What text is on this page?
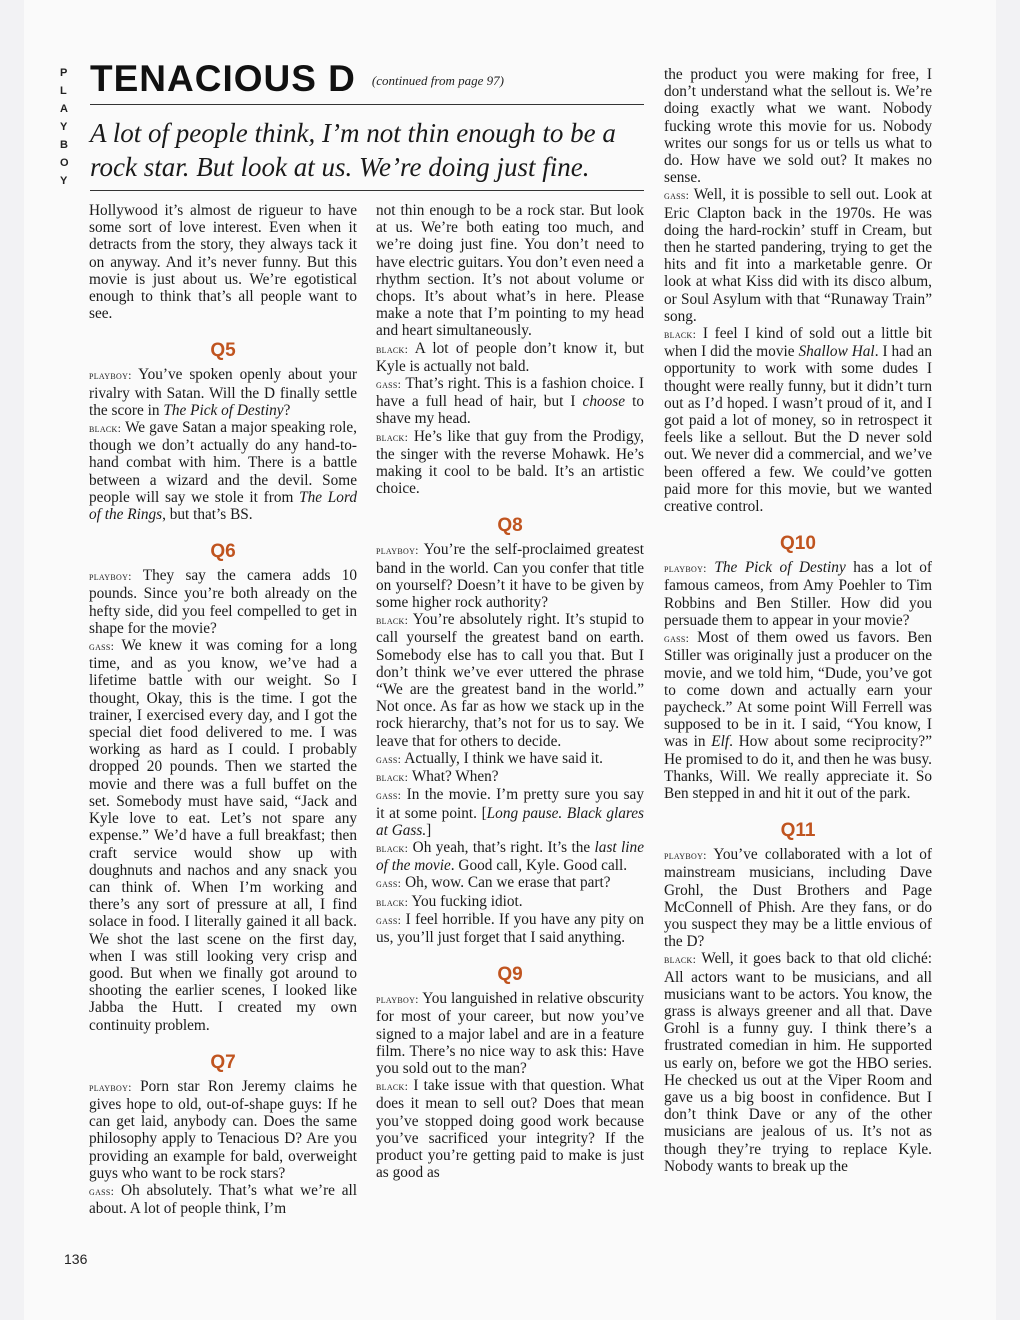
P
L
A
Y
B
O
Y
136
TENACIOUS D $^{(continued from page 97)}$
A lot of people think, I’m not thin enough to be a rock star. But look at us. We’re doing just fine.

Hollywood it’s almost de rigueur to have some sort of love interest. Even when it detracts from the story, they always tack it on anyway. And it’s never funny. But this movie is just about us. We’re egotistical enough to think that’s all people want to see.

Q5

playboy: You’ve spoken openly about your rivalry with Satan. Will the D finally settle the score in The Pick of Destiny?

black: We gave Satan a major speaking role, though we don’t actually do any hand-to-hand combat with him. There is a battle between a wizard and the devil. Some people will say we stole it from The Lord of the Rings, but that’s BS.

Q6

playboy: They say the camera adds 10 pounds. Since you’re both already on the hefty side, did you feel compelled to get in shape for the movie?

gass: We knew it was coming for a long time, and as you know, we’ve had a lifetime battle with our weight. So I thought, Okay, this is the time. I got the trainer, I exercised every day, and I got the special diet food delivered to me. I was working as hard as I could. I probably dropped 20 pounds. Then we started the movie and there was a full buffet on the set. Somebody must have said, “Jack and Kyle love to eat. Let’s not spare any expense.” We’d have a full breakfast; then craft service would show up with doughnuts and nachos and any snack you can think of. When I’m working and there’s any sort of pressure at all, I find solace in food. I literally gained it all back. We shot the last scene on the first day, when I was still looking very crisp and good. But when we finally got around to shooting the earlier scenes, I looked like Jabba the Hutt. I created my own continuity problem.

Q7

playboy: Porn star Ron Jeremy claims he gives hope to old, out-of-shape guys: If he can get laid, anybody can. Does the same philosophy apply to Tenacious D? Are you providing an example for bald, overweight guys who want to be rock stars?

gass: Oh absolutely. That’s what we’re all about. A lot of people think, I’m

not thin enough to be a rock star. But look at us. We’re both eating too much, and we’re doing just fine. You don’t need to have electric guitars. You don’t even need a rhythm section. It’s not about volume or chops. It’s about what’s in here. Please make a note that I’m pointing to my head and heart simultaneously.

black: A lot of people don’t know it, but Kyle is actually not bald.

gass: That’s right. This is a fashion choice. I have a full head of hair, but I choose to shave my head.

black: He’s like that guy from the Prodigy, the singer with the reverse Mohawk. He’s making it cool to be bald. It’s an artistic choice.

Q8

playboy: You’re the self-proclaimed greatest band in the world. Can you confer that title on yourself? Doesn’t it have to be given by some higher rock authority?

black: You’re absolutely right. It’s stupid to call yourself the greatest band on earth. Somebody else has to call you that. But I don’t think we’ve ever uttered the phrase “We are the greatest band in the world.” Not once. As far as how we stack up in the rock hierarchy, that’s not for us to say. We leave that for others to decide.

gass: Actually, I think we have said it.

black: What? When?

gass: In the movie. I’m pretty sure you say it at some point. [Long pause. Black glares at Gass.]

black: Oh yeah, that’s right. It’s the last line of the movie. Good call, Kyle. Good call.

gass: Oh, wow. Can we erase that part?

black: You fucking idiot.

gass: I feel horrible. If you have any pity on us, you’ll just forget that I said anything.

Q9

playboy: You languished in relative obscurity for most of your career, but now you’ve signed to a major label and are in a feature film. There’s no nice way to ask this: Have you sold out to the man?

black: I take issue with that question. What does it mean to sell out? Does that mean you’ve stopped doing good work because you’ve sacrificed your integrity? If the product you’re getting paid to make is just as good as

the product you were making for free, I don’t understand what the sellout is. We’re doing exactly what we want. Nobody fucking wrote this movie for us. Nobody writes our songs for us or tells us what to do. How have we sold out? It makes no sense.

gass: Well, it is possible to sell out. Look at Eric Clapton back in the 1970s. He was doing the hard-rockin’ stuff in Cream, but then he started pandering, trying to get the hits and fit into a marketable genre. Or look at what Kiss did with its disco album, or Soul Asylum with that “Runaway Train” song.

black: I feel I kind of sold out a little bit when I did the movie Shallow Hal. I had an opportunity to work with some dudes I thought were really funny, but it didn’t turn out as I’d hoped. I wasn’t proud of it, and I got paid a lot of money, so in retrospect it feels like a sellout. But the D never sold out. We never did a commercial, and we’ve been offered a few. We could’ve gotten paid more for this movie, but we wanted creative control.

Q10

playboy: The Pick of Destiny has a lot of famous cameos, from Amy Poehler to Tim Robbins and Ben Stiller. How did you persuade them to appear in your movie?

gass: Most of them owed us favors. Ben Stiller was originally just a producer on the movie, and we told him, “Dude, you’ve got to come down and actually earn your paycheck.” At some point Will Ferrell was supposed to be in it. I said, “You know, I was in Elf. How about some reciprocity?” He promised to do it, and then he was busy. Thanks, Will. We really appreciate it. So Ben stepped in and hit it out of the park.

Q11

playboy: You’ve collaborated with a lot of mainstream musicians, including Dave Grohl, the Dust Brothers and Page McConnell of Phish. Are they fans, or do you suspect they may be a little envious of the D?

black: Well, it goes back to that old cliché: All actors want to be musicians, and all musicians want to be actors. You know, the grass is always greener and all that. Dave Grohl is a funny guy. I think there’s a frustrated comedian in him. He supported us early on, before we got the HBO series. He checked us out at the Viper Room and gave us a big boost in confidence. But I don’t think Dave or any of the other musicians are jealous of us. It’s not as though they’re trying to replace Kyle. Nobody wants to break up the
